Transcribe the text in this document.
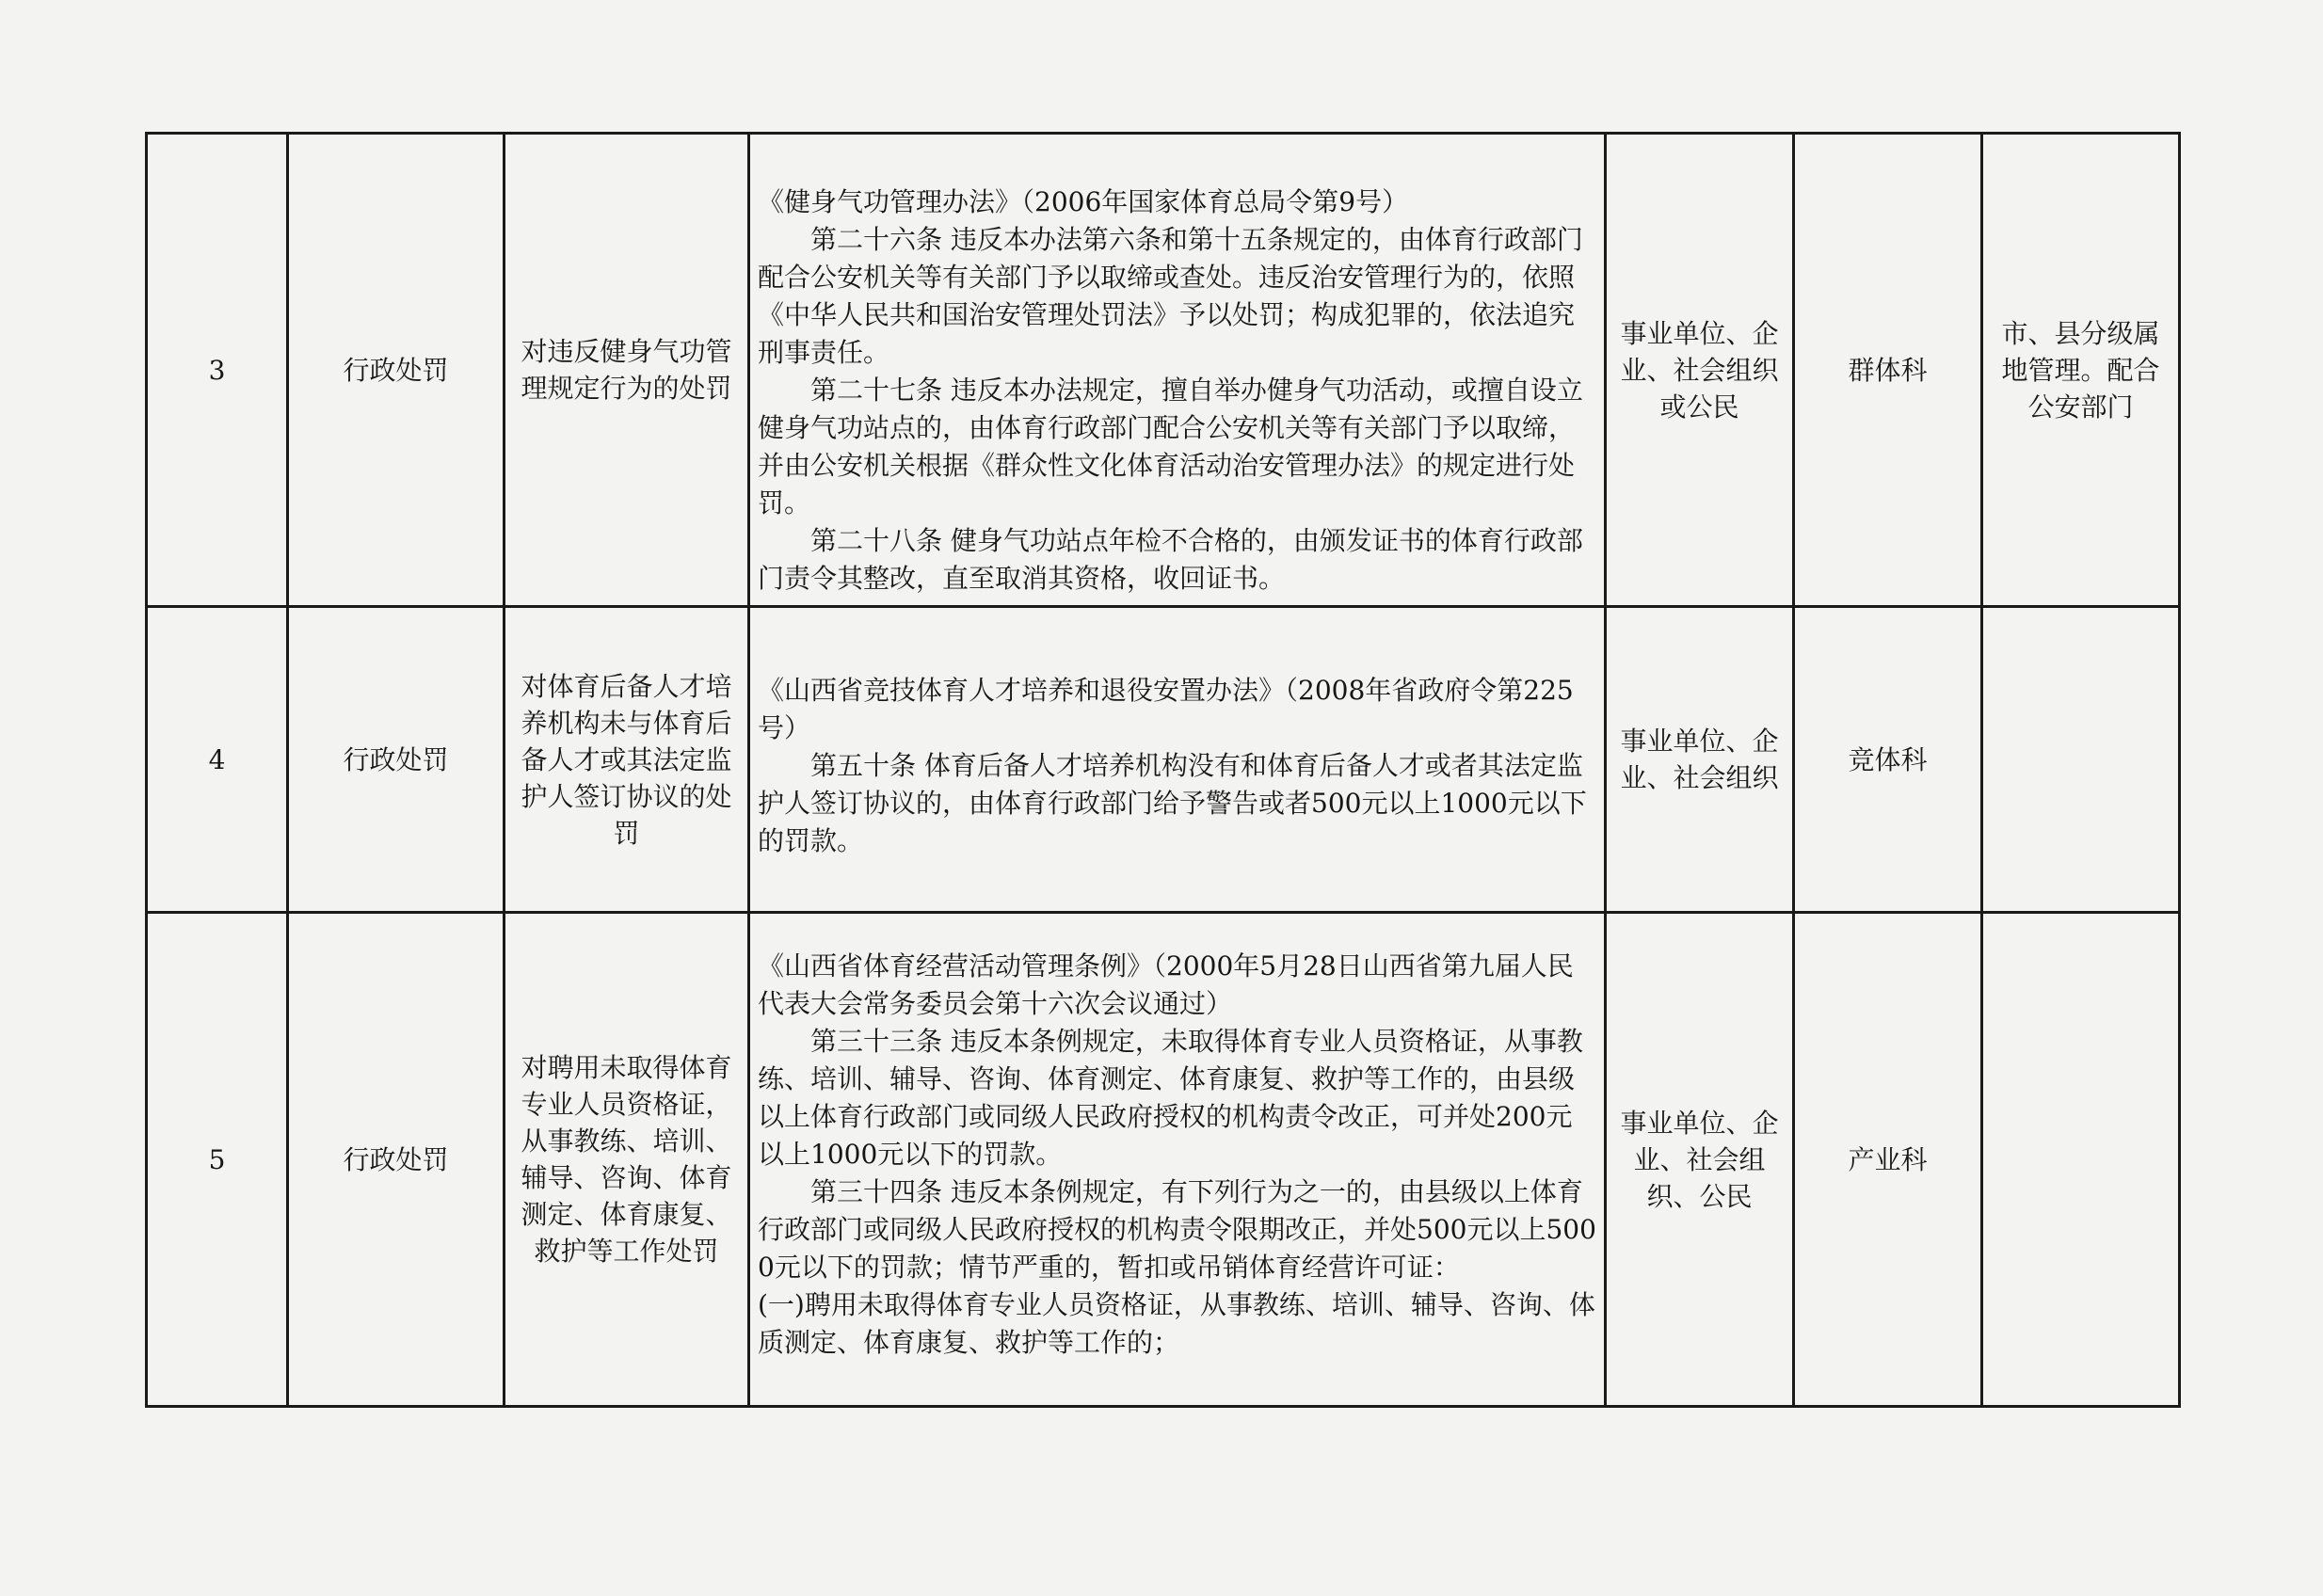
3	行政处罚	对违反健身气功管理规定行为的处罚	《健身气功管理办法》（2006年国家体育总局令第9号）

第二十六条 违反本办法第六条和第十五条规定的，由体育行政部门配合公安机关等有关部门予以取缔或查处。违反治安管理行为的，依照《中华人民共和国治安管理处罚法》予以处罚；构成犯罪的，依法追究刑事责任。

第二十七条 违反本办法规定，擅自举办健身气功活动，或擅自设立健身气功站点的，由体育行政部门配合公安机关等有关部门予以取缔，并由公安机关根据《群众性文化体育活动治安管理办法》的规定进行处罚。

第二十八条 健身气功站点年检不合格的，由颁发证书的体育行政部门责令其整改，直至取消其资格，收回证书。	事业单位、企业、社会组织或公民	群体科	市、县分级属地管理。配合公安部门
4	行政处罚	对体育后备人才培养机构未与体育后备人才或其法定监护人签订协议的处罚	《山西省竞技体育人才培养和退役安置办法》（2008年省政府令第225号）

第五十条 体育后备人才培养机构没有和体育后备人才或者其法定监护人签订协议的，由体育行政部门给予警告或者500元以上1000元以下的罚款。	事业单位、企业、社会组织	竞体科	
5	行政处罚	对聘用未取得体育专业人员资格证，从事教练、培训、辅导、咨询、体育测定、体育康复、救护等工作处罚	《山西省体育经营活动管理条例》（2000年5月28日山西省第九届人民代表大会常务委员会第十六次会议通过）

第三十三条 违反本条例规定，未取得体育专业人员资格证，从事教练、培训、辅导、咨询、体育测定、体育康复、救护等工作的，由县级以上体育行政部门或同级人民政府授权的机构责令改正，可并处200元以上1000元以下的罚款。

第三十四条 违反本条例规定，有下列行为之一的，由县级以上体育行政部门或同级人民政府授权的机构责令限期改正，并处500元以上5000元以下的罚款；情节严重的，暂扣或吊销体育经营许可证：

(一)聘用未取得体育专业人员资格证，从事教练、培训、辅导、咨询、体质测定、体育康复、救护等工作的；	事业单位、企业、社会组织、公民	产业科	
